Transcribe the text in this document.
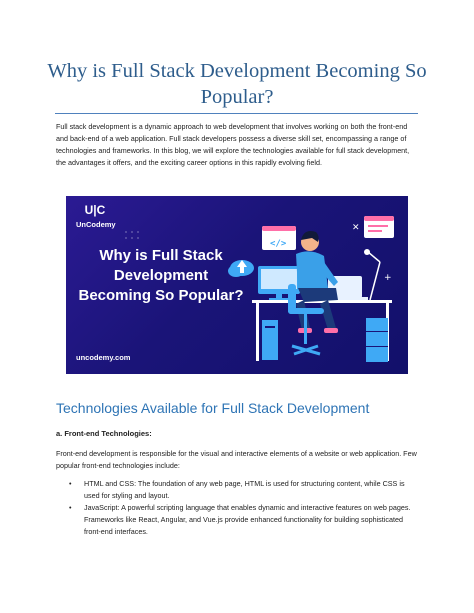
Why is Full Stack Development Becoming So Popular?
Full stack development is a dynamic approach to web development that involves working on both the front-end and back-end of a web application. Full stack developers possess a diverse skill set, encompassing a range of technologies and frameworks. In this blog, we will explore the technologies available for full stack development, the advantages it offers, and the exciting career options in this rapidly evolving field.
✕
+
</>
U|C
UnCodemy
Why is Full Stack Development Becoming So Popular?
uncodemy.com
Technologies Available for Full Stack Development
a. Front-end Technologies:
Front-end development is responsible for the visual and interactive elements of a website or web application. Few popular front-end technologies include:
• HTML and CSS: The foundation of any web page, HTML is used for structuring content, while CSS is used for styling and layout.
• JavaScript: A powerful scripting language that enables dynamic and interactive features on web pages. Frameworks like React, Angular, and Vue.js provide enhanced functionality for building sophisticated front-end interfaces.
